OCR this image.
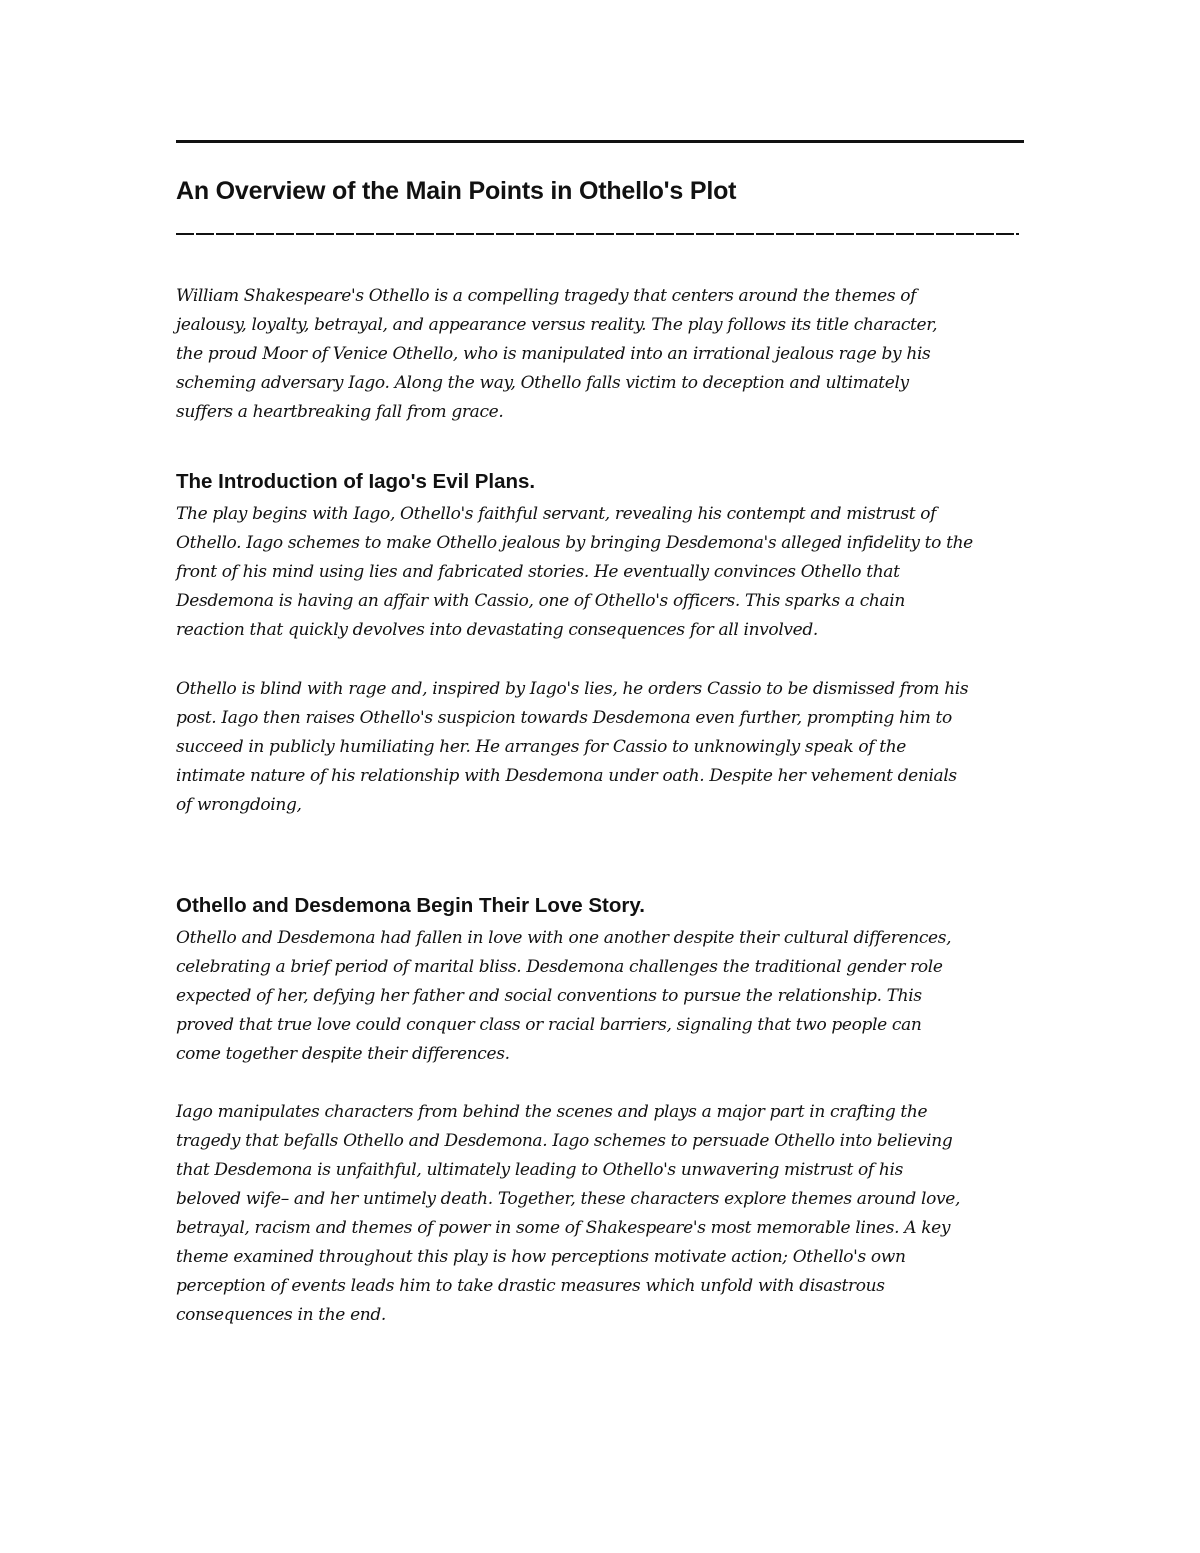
An Overview of the Main Points in Othello's Plot

William Shakespeare's Othello is a compelling tragedy that centers around the themes of
jealousy, loyalty, betrayal, and appearance versus reality. The play follows its title character,
the proud Moor of Venice Othello, who is manipulated into an irrational jealous rage by his
scheming adversary Iago. Along the way, Othello falls victim to deception and ultimately
suffers a heartbreaking fall from grace.

The Introduction of Iago's Evil Plans.

The play begins with Iago, Othello's faithful servant, revealing his contempt and mistrust of
Othello. Iago schemes to make Othello jealous by bringing Desdemona's alleged infidelity to the
front of his mind using lies and fabricated stories. He eventually convinces Othello that
Desdemona is having an affair with Cassio, one of Othello's officers. This sparks a chain
reaction that quickly devolves into devastating consequences for all involved.

Othello is blind with rage and, inspired by Iago's lies, he orders Cassio to be dismissed from his
post. Iago then raises Othello's suspicion towards Desdemona even further, prompting him to
succeed in publicly humiliating her. He arranges for Cassio to unknowingly speak of the
intimate nature of his relationship with Desdemona under oath. Despite her vehement denials
of wrongdoing,

Othello and Desdemona Begin Their Love Story.

Othello and Desdemona had fallen in love with one another despite their cultural differences,
celebrating a brief period of marital bliss. Desdemona challenges the traditional gender role
expected of her, defying her father and social conventions to pursue the relationship. This
proved that true love could conquer class or racial barriers, signaling that two people can
come together despite their differences.

Iago manipulates characters from behind the scenes and plays a major part in crafting the
tragedy that befalls Othello and Desdemona. Iago schemes to persuade Othello into believing
that Desdemona is unfaithful, ultimately leading to Othello's unwavering mistrust of his
beloved wife– and her untimely death. Together, these characters explore themes around love,
betrayal, racism and themes of power in some of Shakespeare's most memorable lines. A key
theme examined throughout this play is how perceptions motivate action; Othello's own
perception of events leads him to take drastic measures which unfold with disastrous
consequences in the end.
